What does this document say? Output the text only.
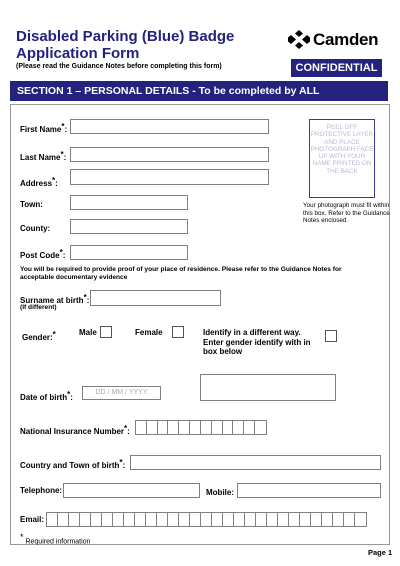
Disabled Parking (Blue) Badge
Application Form
(Please read the Guidance Notes before completing this form)
Camden
CONFIDENTIAL
SECTION 1 – PERSONAL DETAILS - To be completed by ALL
PEEL OFF PROTECTIVE LAYER AND PLACE PHOTOGRAPH FACE UP WITH YOUR NAME PRINTED ON THE BACK
Your photograph must fit within this box. Refer to the Guidance Notes enclosed.
First Name*:
Last Name*:
Address*:
Town:
County:
Post Code*:
You will be required to provide proof of your place of residence. Please refer to the Guidance Notes for acceptable documentary evidence
Surname at birth*:
(If different)
Gender:*	Male	Female	Identify in a different way. Enter gender identify with in box below
Date of birth*:
DD / MM / YYYY
National Insurance Number*:
Country and Town of birth*:
Telephone:	Mobile:
Email:
* Required information
Page 1
